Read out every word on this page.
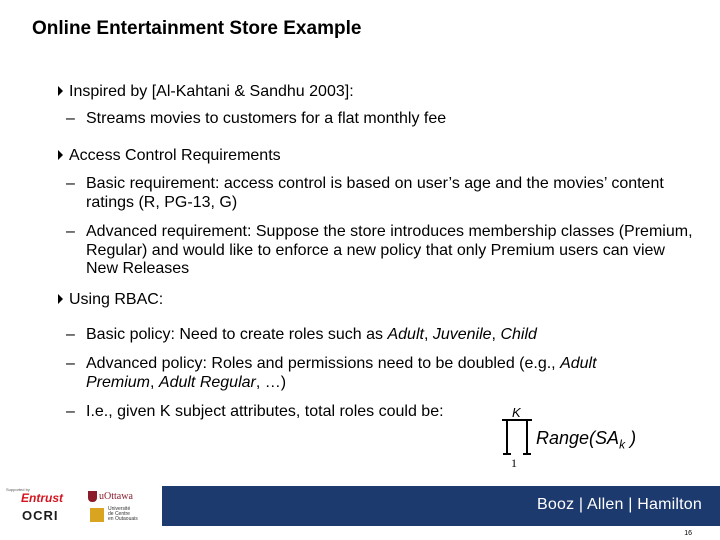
Online Entertainment Store Example
Inspired by [Al-Kahtani & Sandhu 2003]:
– Streams movies to customers for a flat monthly fee
Access Control Requirements
– Basic requirement: access control is based on user’s age and the movies’ content ratings (R, PG-13, G)
– Advanced requirement: Suppose the store introduces membership classes (Premium, Regular) and would like to enforce a new policy that only Premium users can view New Releases
Using RBAC:
– Basic policy: Need to create roles such as Adult, Juvenile, Child
– Advanced policy: Roles and permissions need to be doubled (e.g., Adult Premium, Adult Regular, …)
– I.e., given K subject attributes, total roles could be:	K
1
$Range(SA_k$ )
Supported by
Entrust
OCRI
uOttawa
Université
de Centre
en Outaouais
Booz | Allen | Hamilton
16
